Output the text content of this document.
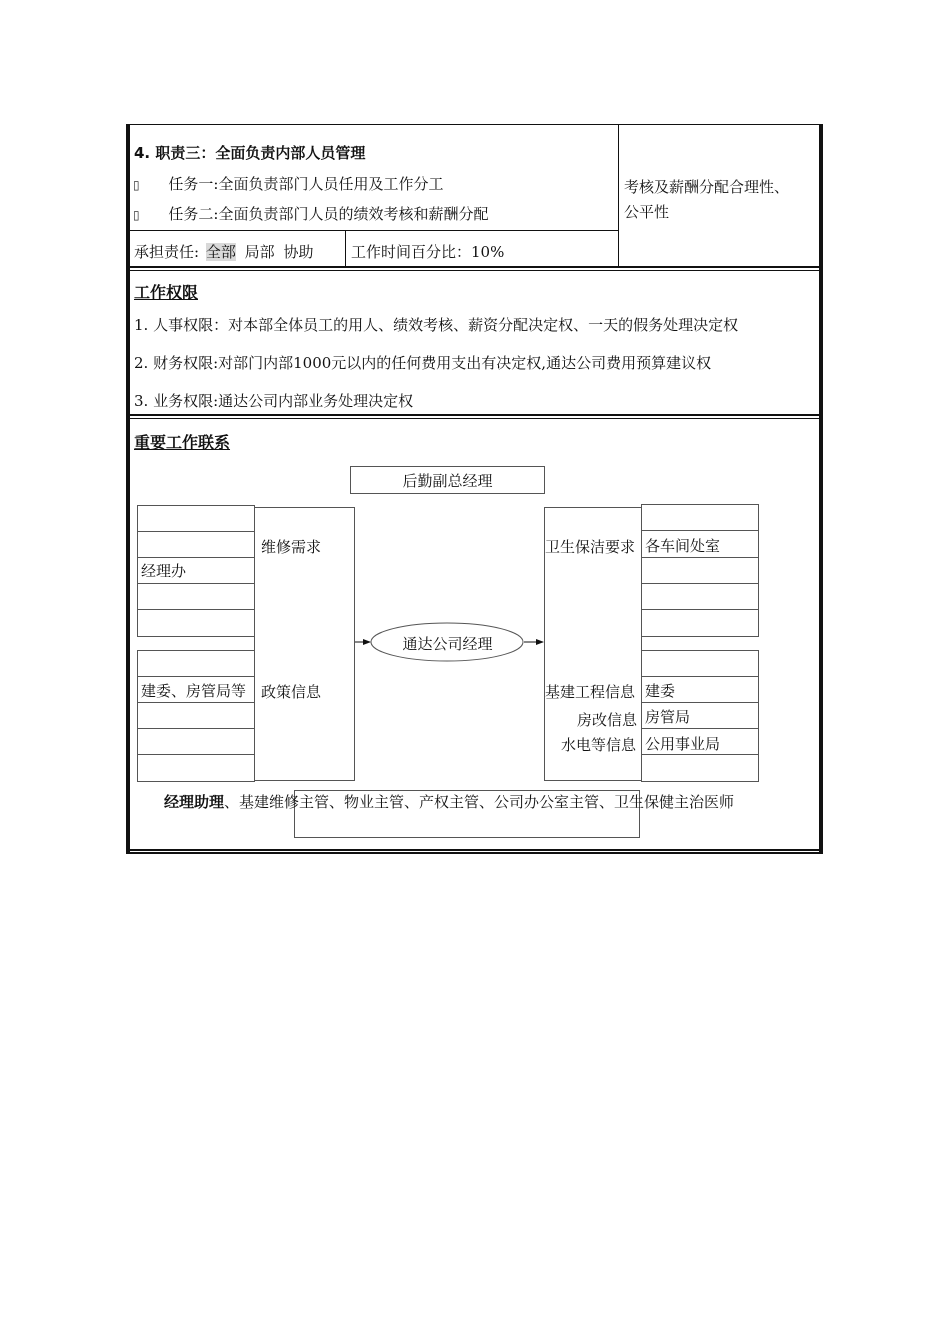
4. 职责三：全面负责内部人员管理
▯ 任务一:全面负责部门人员任用及工作分工
▯ 任务二:全面负责部门人员的绩效考核和薪酬分配
考核及薪酬分配合理性、
公平性
承担责任: 全部 局部 协助	工作时间百分比：10%
工作权限
1. 人事权限：对本部全体员工的用人、绩效考核、薪资分配决定权、一天的假务处理决定权
2. 财务权限:对部门内部1000元以内的任何费用支出有决定权,通达公司费用预算建议权
3. 业务权限:通达公司内部业务处理决定权
重要工作联系
后勤副总经理
经理办
建委、房管局等
维修需求
政策信息
卫生保洁要求
基建工程信息
房改信息
水电等信息
各车间处室
建委
房管局
公用事业局
通达公司经理
经理助理、基建维修主管、物业主管、产权主管、公司办公室主管、卫生保健主治医师
